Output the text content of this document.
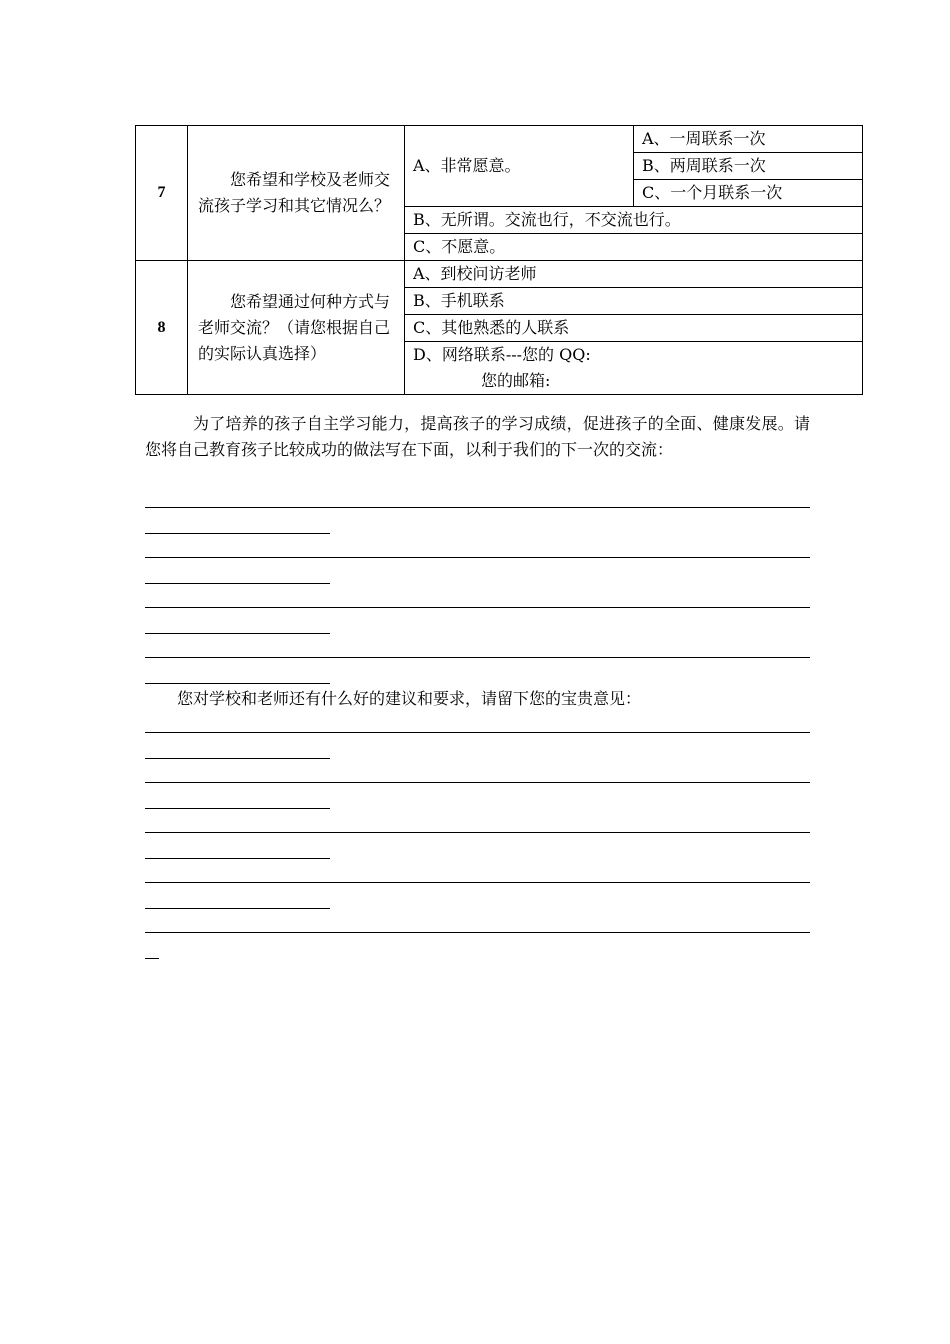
7	您希望和学校及老师交流孩子学习和其它情况么？	A、非常愿意。	A、一周联系一次
			B、两周联系一次
			C、一个月联系一次
		B、无所谓。交流也行，不交流也行。	
		C、不愿意。	
8	您希望通过何种方式与老师交流？（请您根据自己的实际认真选择）	A、到校问访老师	
		B、手机联系	
		C、其他熟悉的人联系	
		D、网络联系---您的 QQ:
您的邮箱:	
为了培养的孩子自主学习能力，提高孩子的学习成绩，促进孩子的全面、健康发展。请您将自己教育孩子比较成功的做法写在下面，以利于我们的下一次的交流：
您对学校和老师还有什么好的建议和要求，请留下您的宝贵意见：
